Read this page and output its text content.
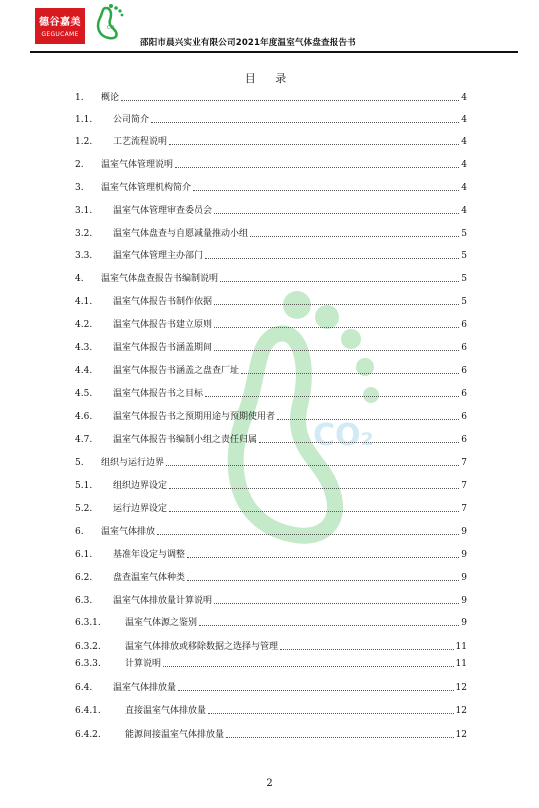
德谷嘉美
GEGUCAME
CO
邵阳市晨兴实业有限公司2021年度温室气体盘查报告书
CO₂
目 录
1.	概论	4
1.1.	公司简介	4
1.2.	工艺流程说明	4
2.	温室气体管理说明	4
3.	温室气体管理机构简介	4
3.1.	温室气体管理审查委员会	4
3.2.	温室气体盘查与自愿减量推动小组	5
3.3.	温室气体管理主办部门	5
4.	温室气体盘查报告书编制说明	5
4.1.	温室气体报告书制作依据	5
4.2.	温室气体报告书建立原则	6
4.3.	温室气体报告书涵盖期间	6
4.4.	温室气体报告书涵盖之盘查厂址	6
4.5.	温室气体报告书之目标	6
4.6.	温室气体报告书之预期用途与预期使用者	6
4.7.	温室气体报告书编制小组之责任归属	6
5.	组织与运行边界	7
5.1.	组织边界设定	7
5.2.	运行边界设定	7
6.	温室气体排放	9
6.1.	基准年设定与调整	9
6.2.	盘查温室气体种类	9
6.3.	温室气体排放量计算说明	9
6.3.1.	温室气体源之鉴别	9
6.3.2.	温室气体排放或移除数据之选择与管理	11
6.3.3.	计算说明	11
6.4.	温室气体排放量	12
6.4.1.	直接温室气体排放量	12
6.4.2.	能源间接温室气体排放量	12
2
